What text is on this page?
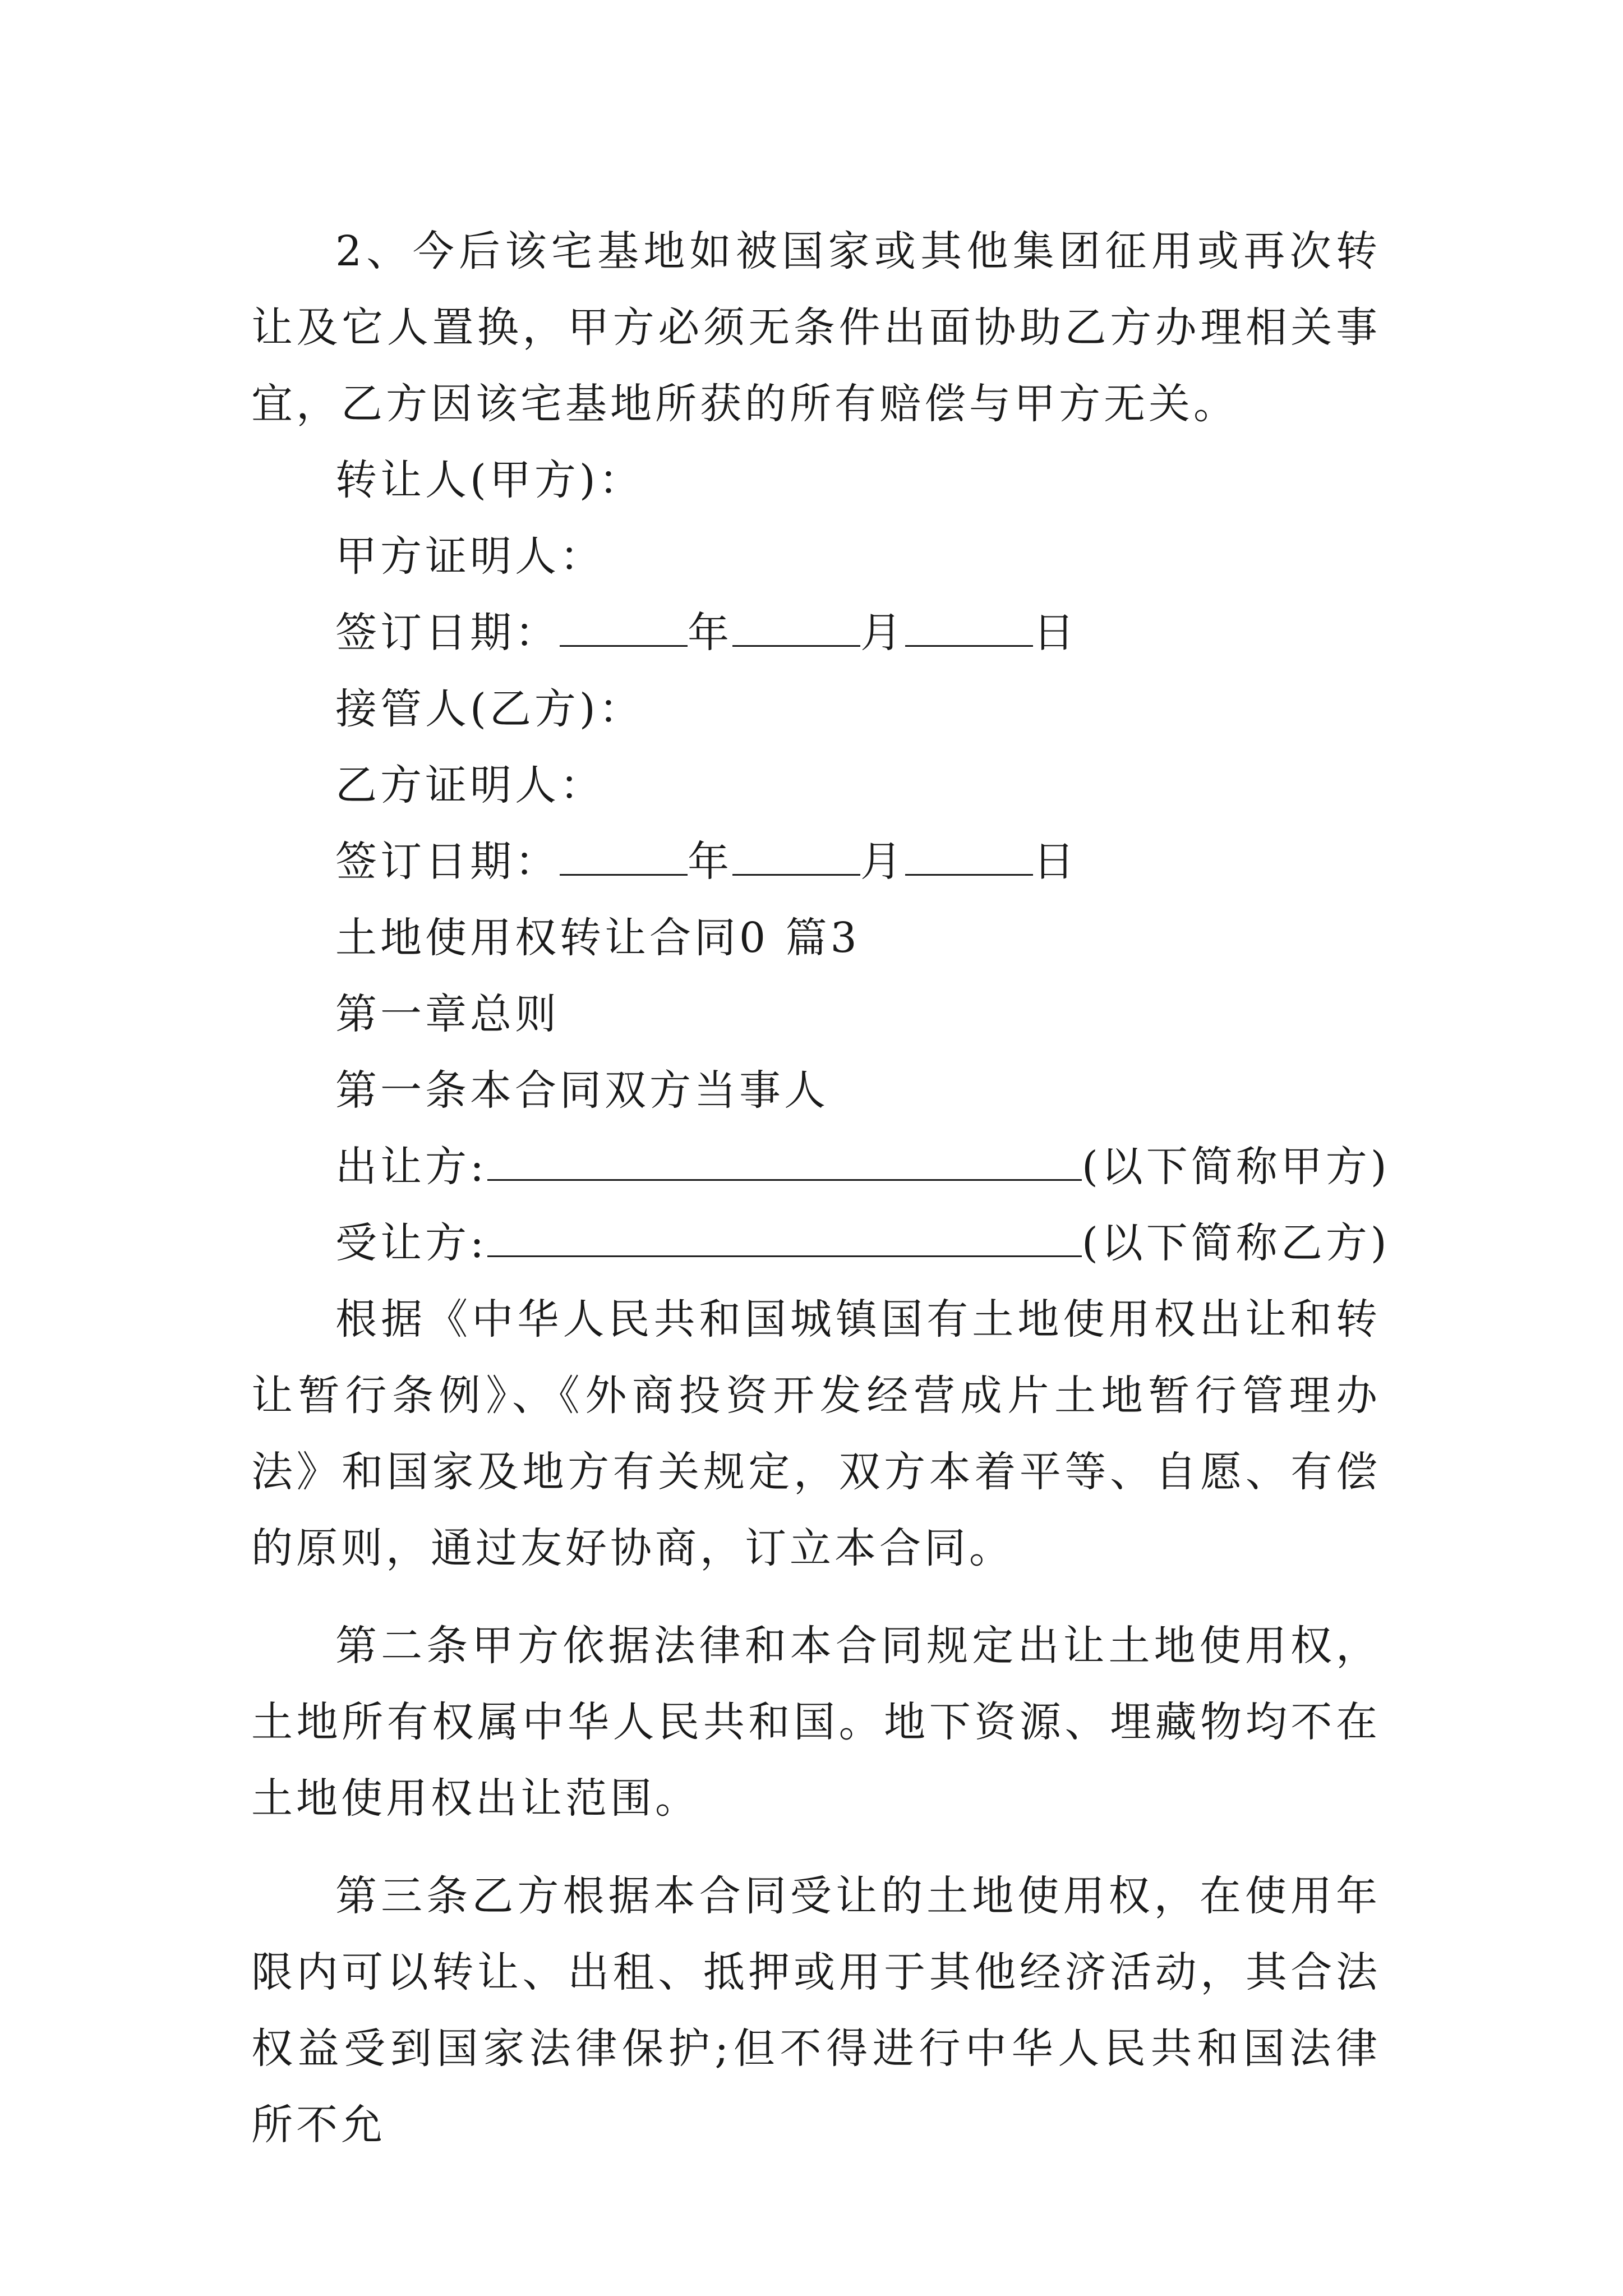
2、今后该宅基地如被国家或其他集团征用或再次转让及它人置换，甲方必须无条件出面协助乙方办理相关事宜，乙方因该宅基地所获的所有赔偿与甲方无关。

转让人(甲方)：

甲方证明人：

签订日期：	年	月	日

接管人(乙方)：

乙方证明人：

签订日期：	年	月	日

土地使用权转让合同0 篇3

第一章总则

第一条本合同双方当事人

出让方:	(以下简称甲方)

受让方:	(以下简称乙方)

根据《中华人民共和国城镇国有土地使用权出让和转让暂行条例》、《外商投资开发经营成片土地暂行管理办法》和国家及地方有关规定，双方本着平等、自愿、有偿的原则，通过友好协商，订立本合同。

第二条甲方依据法律和本合同规定出让土地使用权，土地所有权属中华人民共和国。地下资源、埋藏物均不在土地使用权出让范围。

第三条乙方根据本合同受让的土地使用权，在使用年限内可以转让、出租、抵押或用于其他经济活动，其合法权益受到国家法律保护;但不得进行中华人民共和国法律所不允
